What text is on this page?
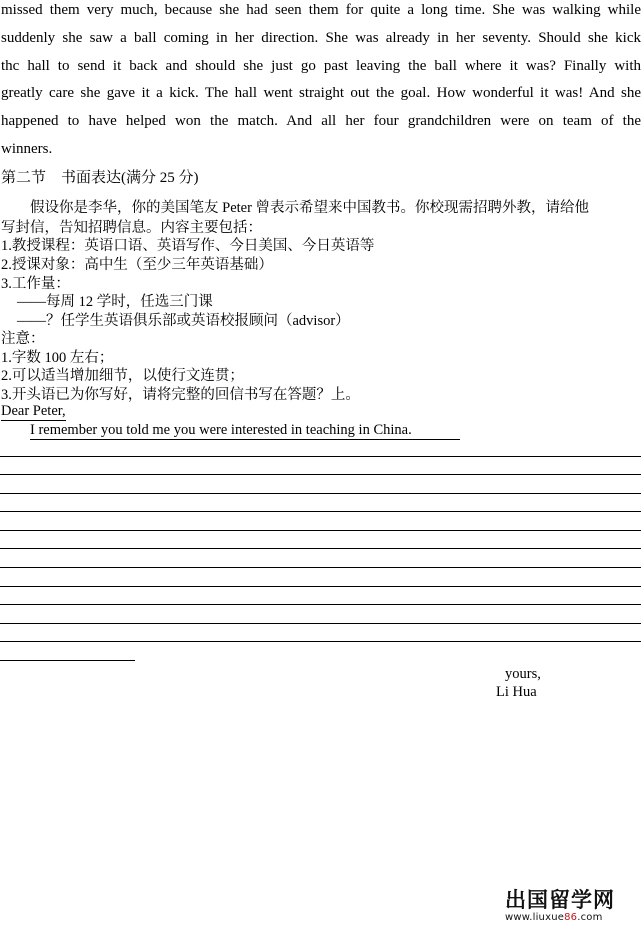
missed them very much, because she had seen them for quite a long time. She was walking while
suddenly she saw a ball coming in her direction. She was already in her seventy. Should she kick
thc hall to send it back and should she just go past leaving the ball where it was? Finally with
greatly care she gave it a kick. The hall went straight out the goal. How wonderful it was! And she
happened to have helped won the match. And all her four grandchildren were on team of the
winners.
第二节　书面表达(满分 25 分)
假设你是李华，你的美国笔友 Peter 曾表示希望来中国教书。你校现需招聘外教，请给他
写封信，告知招聘信息。内容主要包括：
1.教授课程：英语口语、英语写作、今日美国、今日英语等
2.授课对象：高中生（至少三年英语基础）
3.工作量：
——每周 12 学时，任选三门课
——？任学生英语俱乐部或英语校报顾问（advisor）
注意：
1.字数 100 左右；
2.可以适当增加细节，以使行文连贯；
3.开头语已为你写好，请将完整的回信书写在答题？上。
Dear Peter,
I remember you told me you were interested in teaching in China.
yours,
Li Hua
出国留学网
www.liuxue86.com
